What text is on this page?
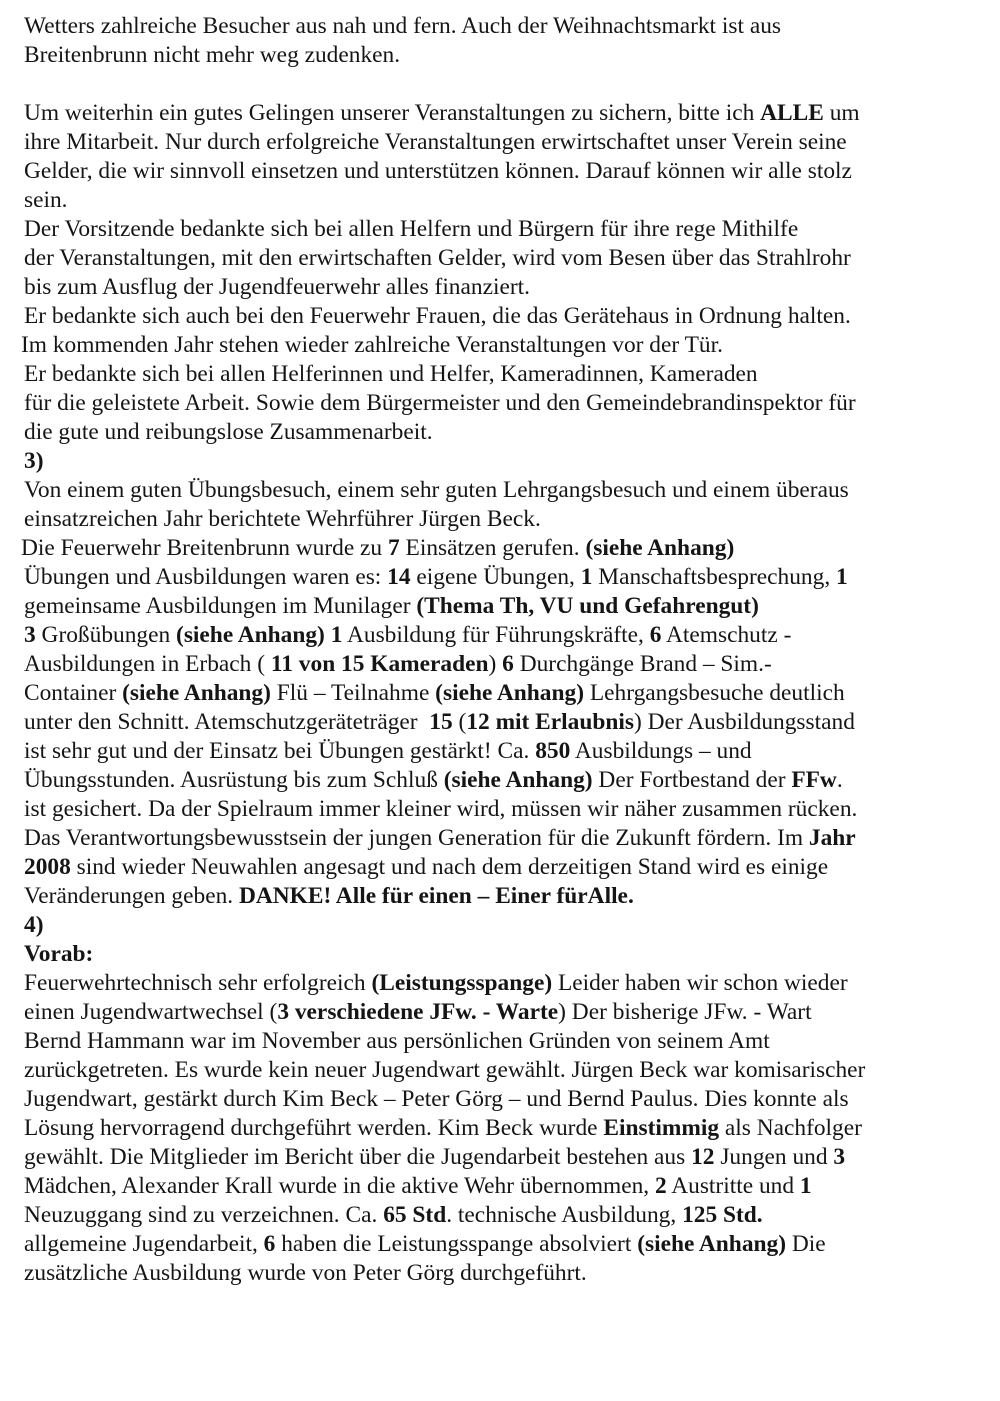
Wetters zahlreiche Besucher aus nah und fern. Auch der Weihnachtsmarkt ist aus
Breitenbrunn nicht mehr weg zudenken.
Um weiterhin ein gutes Gelingen unserer Veranstaltungen zu sichern, bitte ich ALLE um
ihre Mitarbeit. Nur durch erfolgreiche Veranstaltungen erwirtschaftet unser Verein seine
Gelder, die wir sinnvoll einsetzen und unterstützen können. Darauf können wir alle stolz
sein.
Der Vorsitzende bedankte sich bei allen Helfern und Bürgern für ihre rege Mithilfe
der Veranstaltungen, mit den erwirtschaften Gelder, wird vom Besen über das Strahlrohr
bis zum Ausflug der Jugendfeuerwehr alles finanziert.
Er bedankte sich auch bei den Feuerwehr Frauen, die das Gerätehaus in Ordnung halten.
Im kommenden Jahr stehen wieder zahlreiche Veranstaltungen vor der Tür.
Er bedankte sich bei allen Helferinnen und Helfer, Kameradinnen, Kameraden
für die geleistete Arbeit. Sowie dem Bürgermeister und den Gemeindebrandinspektor für
die gute und reibungslose Zusammenarbeit.
3)
Von einem guten Übungsbesuch, einem sehr guten Lehrgangsbesuch und einem überaus
einsatzreichen Jahr berichtete Wehrführer Jürgen Beck.
Die Feuerwehr Breitenbrunn wurde zu 7 Einsätzen gerufen. (siehe Anhang)
Übungen und Ausbildungen waren es: 14 eigene Übungen, 1 Manschaftsbesprechung, 1
gemeinsame Ausbildungen im Munilager (Thema Th, VU und Gefahrengut)
3 Großübungen (siehe Anhang) 1 Ausbildung für Führungskräfte, 6 Atemschutz -
Ausbildungen in Erbach ( 11 von 15 Kameraden) 6 Durchgänge Brand – Sim.-
Container (siehe Anhang) Flü – Teilnahme (siehe Anhang) Lehrgangsbesuche deutlich
unter den Schnitt. Atemschutzgeräteträger  15 (12 mit Erlaubnis) Der Ausbildungsstand
ist sehr gut und der Einsatz bei Übungen gestärkt! Ca. 850 Ausbildungs – und
Übungsstunden. Ausrüstung bis zum Schluß (siehe Anhang) Der Fortbestand der FFw.
ist gesichert. Da der Spielraum immer kleiner wird, müssen wir näher zusammen rücken.
Das Verantwortungsbewusstsein der jungen Generation für die Zukunft fördern. Im Jahr
2008 sind wieder Neuwahlen angesagt und nach dem derzeitigen Stand wird es einige
Veränderungen geben. DANKE! Alle für einen – Einer fürAlle.
4)
Vorab:
Feuerwehrtechnisch sehr erfolgreich (Leistungsspange) Leider haben wir schon wieder
einen Jugendwartwechsel (3 verschiedene JFw. - Warte) Der bisherige JFw. - Wart
Bernd Hammann war im November aus persönlichen Gründen von seinem Amt
zurückgetreten. Es wurde kein neuer Jugendwart gewählt. Jürgen Beck war komisarischer
Jugendwart, gestärkt durch Kim Beck – Peter Görg – und Bernd Paulus. Dies konnte als
Lösung hervorragend durchgeführt werden. Kim Beck wurde Einstimmig als Nachfolger
gewählt. Die Mitglieder im Bericht über die Jugendarbeit bestehen aus 12 Jungen und 3
Mädchen, Alexander Krall wurde in die aktive Wehr übernommen, 2 Austritte und 1
Neuzuggang sind zu verzeichnen. Ca. 65 Std. technische Ausbildung, 125 Std.
allgemeine Jugendarbeit, 6 haben die Leistungsspange absolviert (siehe Anhang) Die
zusätzliche Ausbildung wurde von Peter Görg durchgeführt.
